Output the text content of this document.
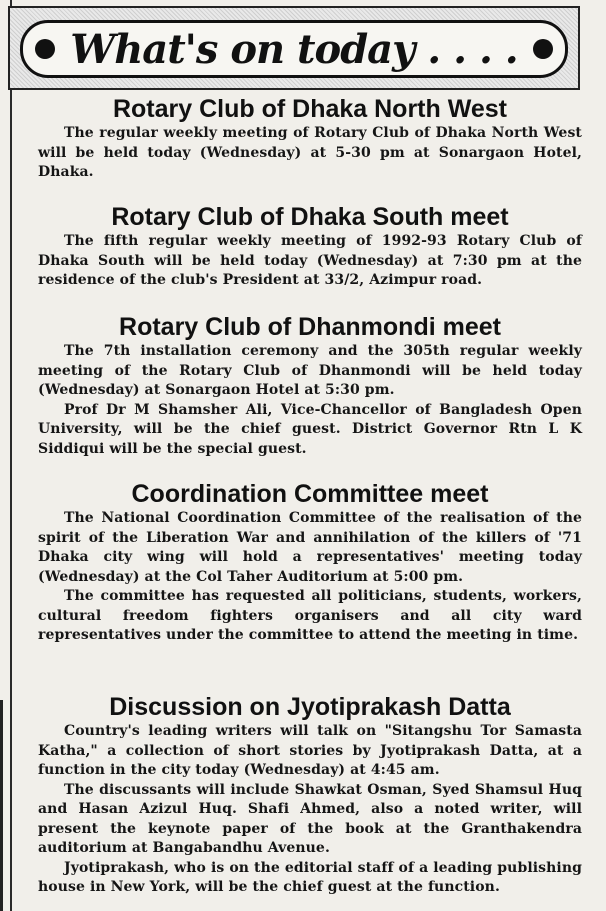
What's on today . . . .
Rotary Club of Dhaka North West

The regular weekly meeting of Rotary Club of Dhaka North West will be held today (Wednesday) at 5-30 pm at Sonargaon Hotel, Dhaka.

Rotary Club of Dhaka South meet

The fifth regular weekly meeting of 1992-93 Rotary Club of Dhaka South will be held today (Wednesday) at 7:30 pm at the residence of the club's President at 33/2, Azimpur road.

Rotary Club of Dhanmondi meet

The 7th installation ceremony and the 305th regular weekly meeting of the Rotary Club of Dhanmondi will be held today (Wednesday) at Sonargaon Hotel at 5:30 pm.

Prof Dr M Shamsher Ali, Vice-Chancellor of Bangladesh Open University, will be the chief guest. District Governor Rtn L K Siddiqui will be the special guest.

Coordination Committee meet

The National Coordination Committee of the realisation of the spirit of the Liberation War and annihilation of the killers of '71 Dhaka city wing will hold a representatives' meeting today (Wednesday) at the Col Taher Auditorium at 5:00 pm.

The committee has requested all politicians, students, workers, cultural freedom fighters organisers and all city ward representatives under the committee to attend the meeting in time.

Discussion on Jyotiprakash Datta

Country's leading writers will talk on "Sitangshu Tor Samasta Katha," a collection of short stories by Jyotiprakash Datta, at a function in the city today (Wednesday) at 4:45 am.

The discussants will include Shawkat Osman, Syed Shamsul Huq and Hasan Azizul Huq. Shafi Ahmed, also a noted writer, will present the keynote paper of the book at the Granthakendra auditorium at Bangabandhu Avenue.

Jyotiprakash, who is on the editorial staff of a leading publishing house in New York, will be the chief guest at the function.
